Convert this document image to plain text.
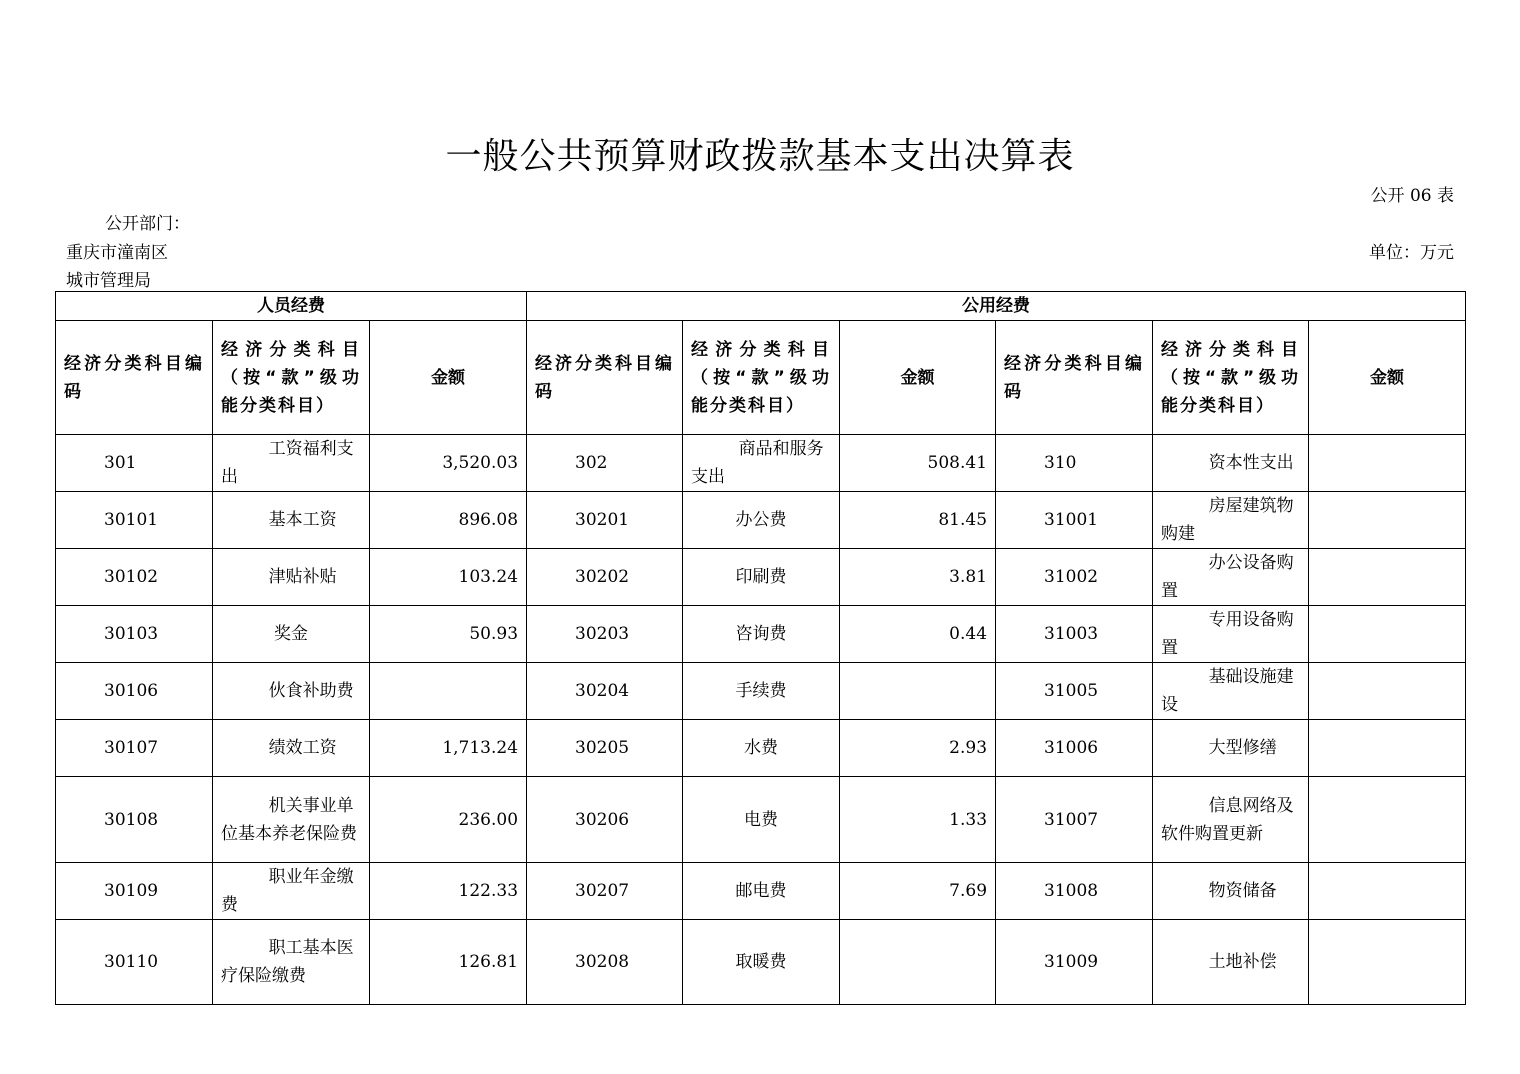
一般公共预算财政拨款基本支出决算表
公开 06 表
公开部门：
重庆市潼南区
城市管理局
单位：万元
人员经费			公用经费					
经济分类科目编码	经济分类科目（按“款”级功能分类科目）	金额	经济分类科目编码	经济分类科目（按“款”级功能分类科目）	金额	经济分类科目编码	经济分类科目（按“款”级功能分类科目）	金额
301	工资福利支出	3,520.03	302	商品和服务支出	508.41	310	资本性支出	
30101	基本工资	896.08	30201	办公费	81.45	31001	房屋建筑物购建	
30102	津贴补贴	103.24	30202	印刷费	3.81	31002	办公设备购置	
30103	奖金	50.93	30203	咨询费	0.44	31003	专用设备购置	
30106	伙食补助费		30204	手续费		31005	基础设施建设	
30107	绩效工资	1,713.24	30205	水费	2.93	31006	大型修缮	
30108	机关事业单位基本养老保险费	236.00	30206	电费	1.33	31007	信息网络及软件购置更新	
30109	职业年金缴费	122.33	30207	邮电费	7.69	31008	物资储备	
30110	职工基本医疗保险缴费	126.81	30208	取暖费		31009	土地补偿	
